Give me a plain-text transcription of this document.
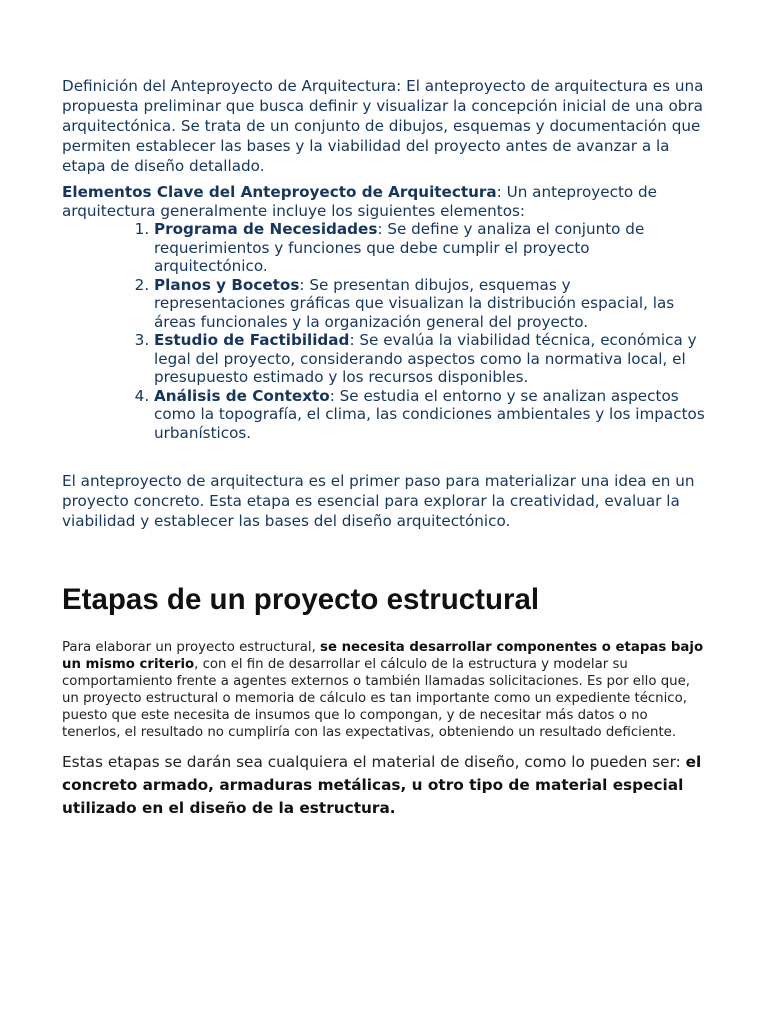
Definición del Anteproyecto de Arquitectura: El anteproyecto de arquitectura es una propuesta preliminar que busca definir y visualizar la concepción inicial de una obra arquitectónica. Se trata de un conjunto de dibujos, esquemas y documentación que permiten establecer las bases y la viabilidad del proyecto antes de avanzar a la etapa de diseño detallado.

Elementos Clave del Anteproyecto de Arquitectura: Un anteproyecto de arquitectura generalmente incluye los siguientes elementos:

1. Programa de Necesidades: Se define y analiza el conjunto de requerimientos y funciones que debe cumplir el proyecto arquitectónico.
2. Planos y Bocetos: Se presentan dibujos, esquemas y representaciones gráficas que visualizan la distribución espacial, las áreas funcionales y la organización general del proyecto.
3. Estudio de Factibilidad: Se evalúa la viabilidad técnica, económica y legal del proyecto, considerando aspectos como la normativa local, el presupuesto estimado y los recursos disponibles.
4. Análisis de Contexto: Se estudia el entorno y se analizan aspectos como la topografía, el clima, las condiciones ambientales y los impactos urbanísticos.

El anteproyecto de arquitectura es el primer paso para materializar una idea en un proyecto concreto. Esta etapa es esencial para explorar la creatividad, evaluar la viabilidad y establecer las bases del diseño arquitectónico.

Etapas de un proyecto estructural

Para elaborar un proyecto estructural, se necesita desarrollar componentes o etapas bajo un mismo criterio, con el fin de desarrollar el cálculo de la estructura y modelar su comportamiento frente a agentes externos o también llamadas solicitaciones. Es por ello que, un proyecto estructural o memoria de cálculo es tan importante como un expediente técnico, puesto que este necesita de insumos que lo compongan, y de necesitar más datos o no tenerlos, el resultado no cumpliría con las expectativas, obteniendo un resultado deficiente.

Estas etapas se darán sea cualquiera el material de diseño, como lo pueden ser: el concreto armado, armaduras metálicas, u otro tipo de material especial utilizado en el diseño de la estructura.
